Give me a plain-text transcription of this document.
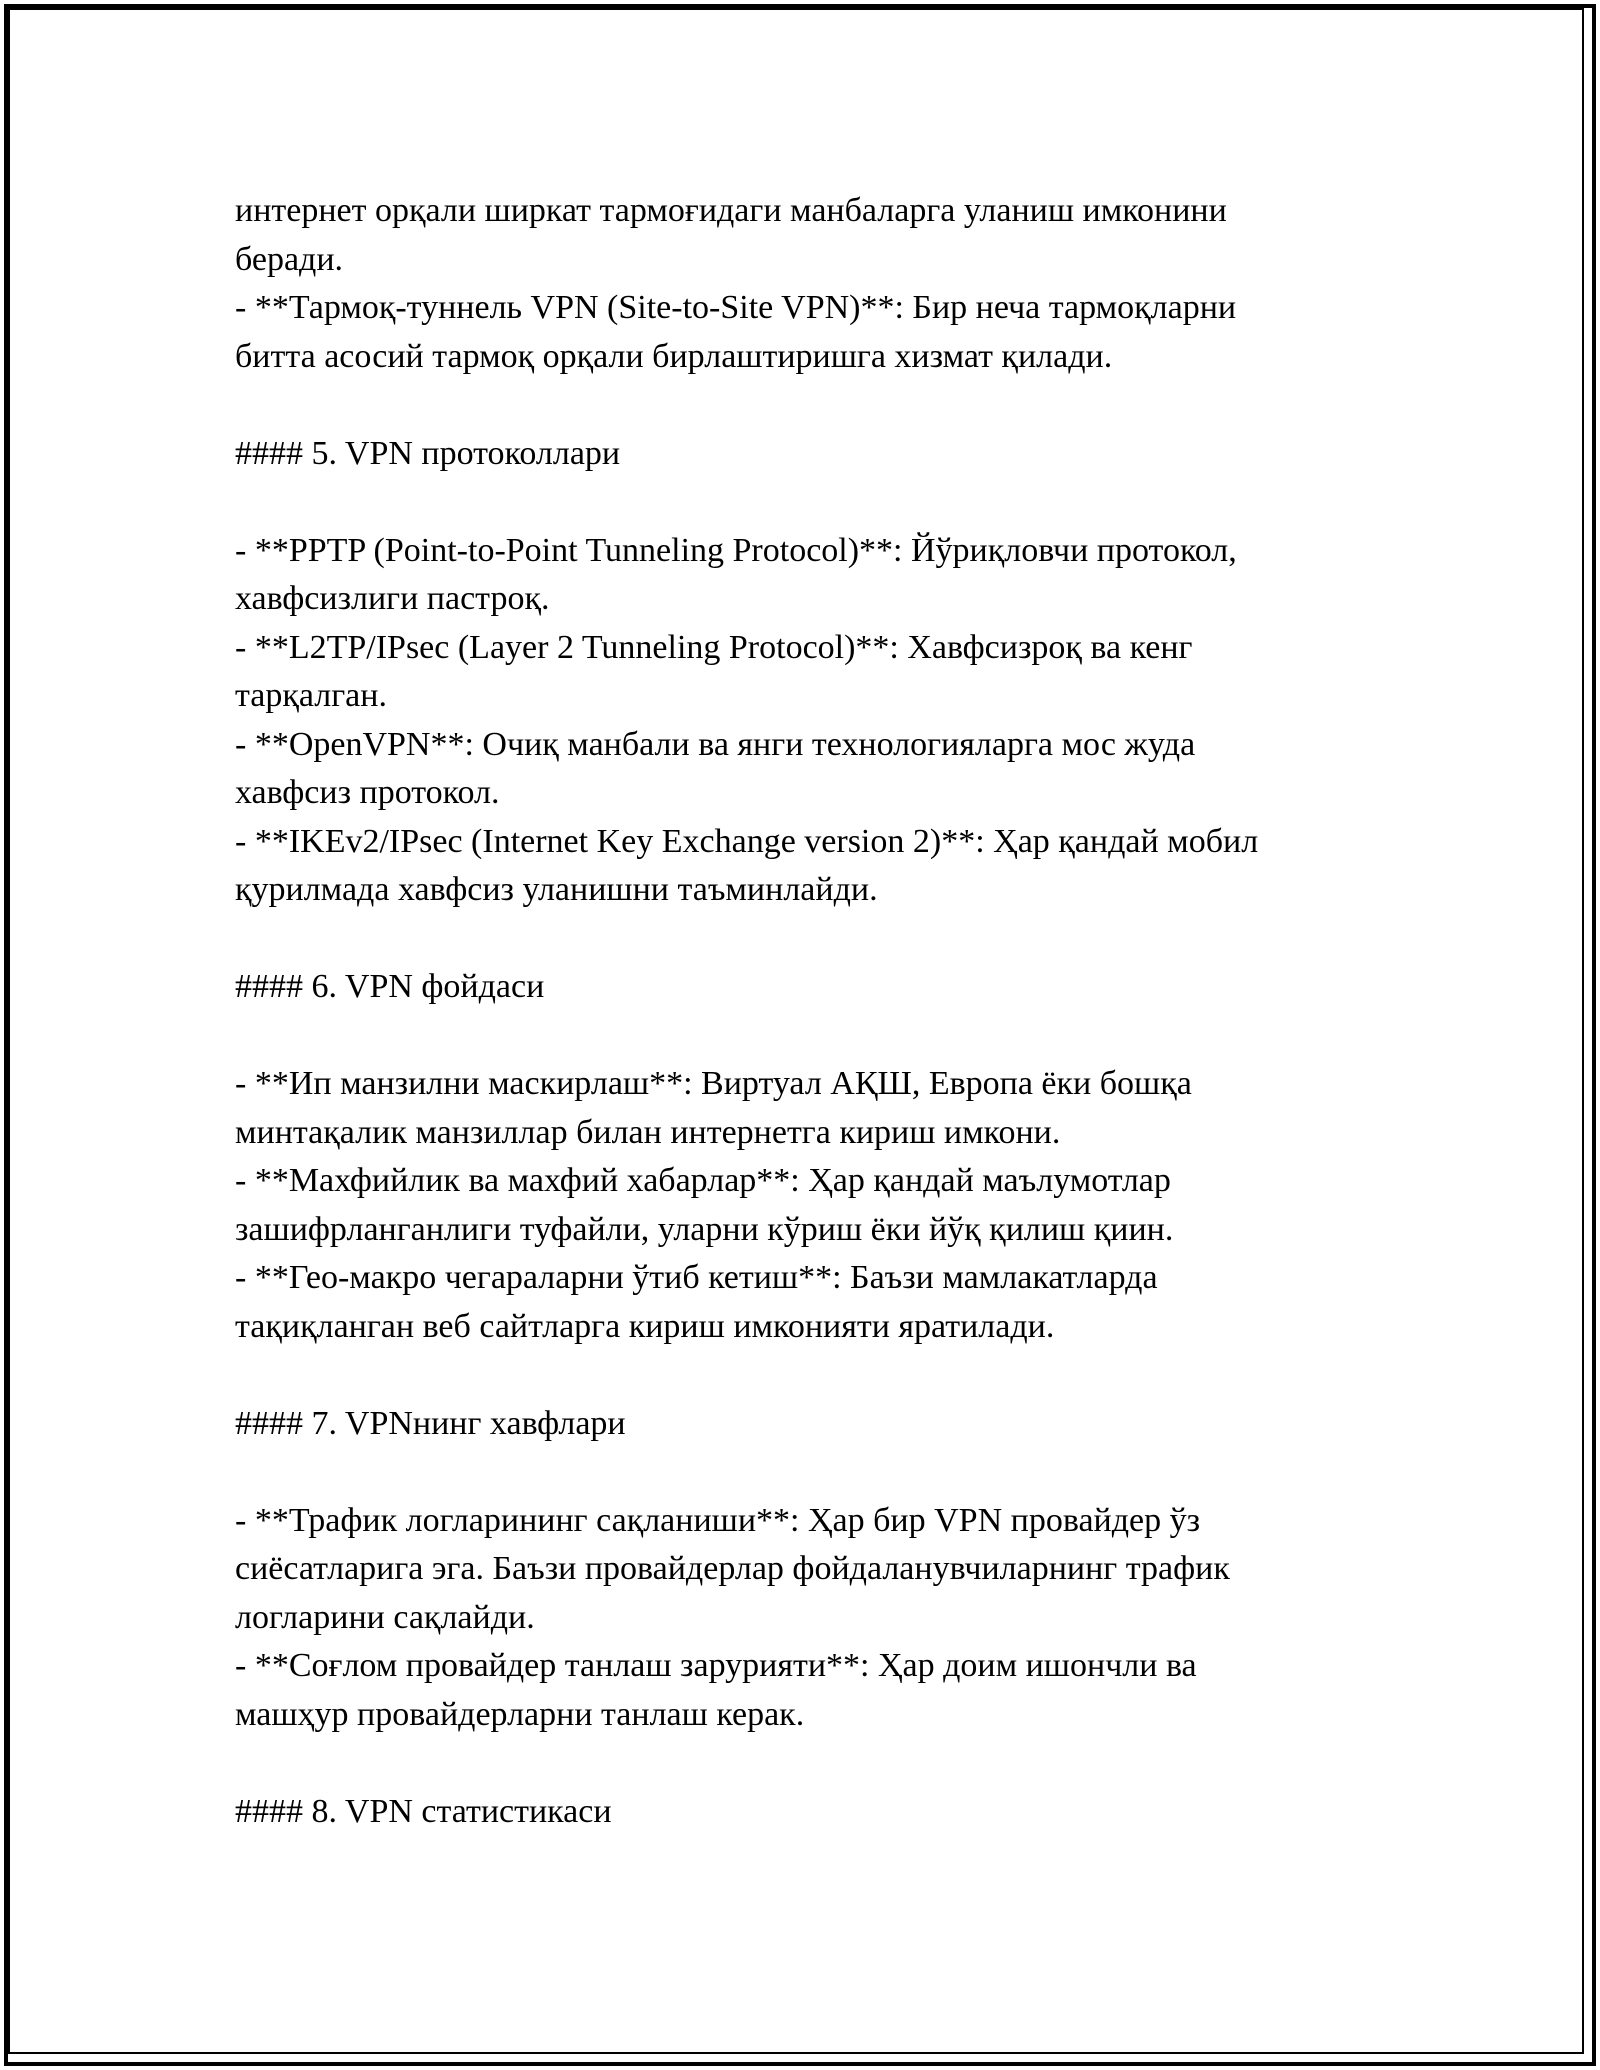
интернет орқали ширкат тармоғидаги манбаларга уланиш имконини

беради.

- **Тармоқ-туннель VPN (Site-to-Site VPN)**: Бир неча тармоқларни

битта асосий тармоқ орқали бирлаштиришга хизмат қилади.

#### 5. VPN протоколлари

- **PPTP (Point-to-Point Tunneling Protocol)**: Йўриқловчи протокол,

хавфсизлиги пастроқ.

- **L2TP/IPsec (Layer 2 Tunneling Protocol)**: Хавфсизроқ ва кенг

тарқалган.

- **OpenVPN**: Очиқ манбали ва янги технологияларга мос жуда

хавфсиз протокол.

- **IKEv2/IPsec (Internet Key Exchange version 2)**: Ҳар қандай мобил

қурилмада хавфсиз уланишни таъминлайди.

#### 6. VPN фойдаси

- **Ип манзилни маскирлаш**: Виртуал АҚШ, Европа ёки бошқа

минтақалик манзиллар билан интернетга кириш имкони.

- **Махфийлик ва махфий хабарлар**: Ҳар қандай маълумотлар

зашифрланганлиги туфайли, уларни кўриш ёки йўқ қилиш қиин.

- **Гео-макро чегараларни ўтиб кетиш**: Баъзи мамлакатларда

тақиқланган веб сайтларга кириш имконияти яратилади.

#### 7. VPNнинг хавфлари

- **Трафик логларининг сақланиши**: Ҳар бир VPN провайдер ўз

сиёсатларига эга. Баъзи провайдерлар фойдаланувчиларнинг трафик

логларини сақлайди.

- **Соғлом провайдер танлаш зарурияти**: Ҳар доим ишончли ва

машҳур провайдерларни танлаш керак.

#### 8. VPN статистикаси
